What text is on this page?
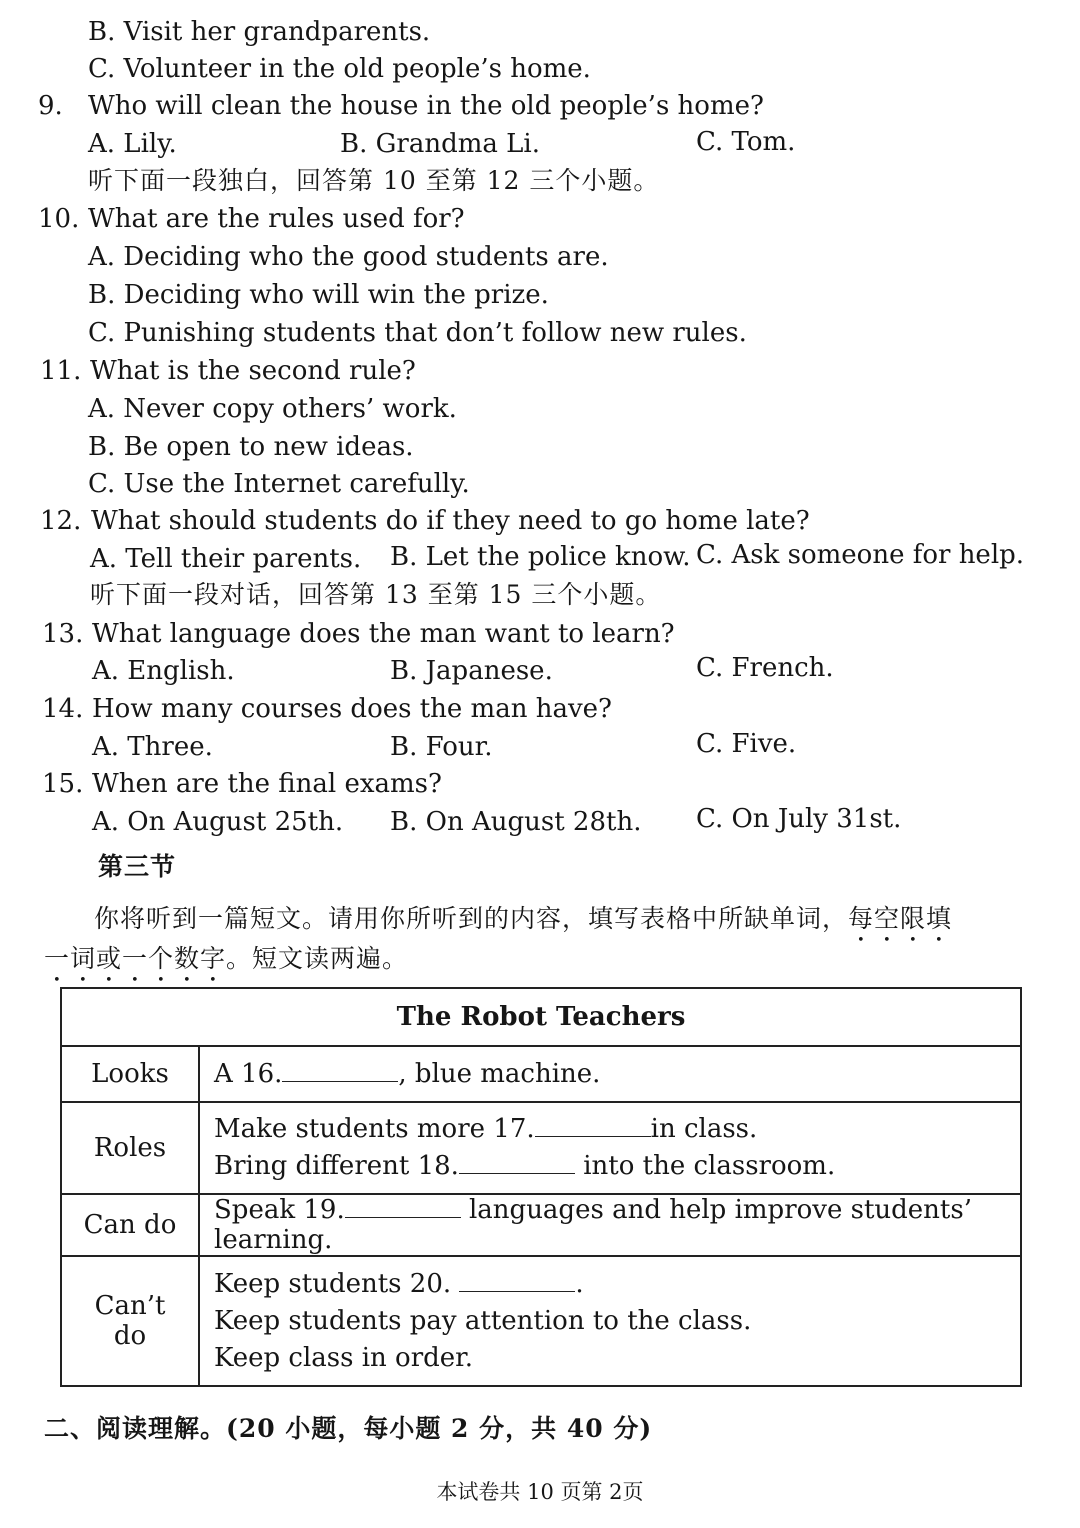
B. Visit her grandparents.
C. Volunteer in the old people’s home.
9. Who will clean the house in the old people’s home?
A. Lily.	B. Grandma Li.	C. Tom.
听下面一段独白，回答第 10 至第 12 三个小题。
10. What are the rules used for?
A. Deciding who the good students are.
B. Deciding who will win the prize.
C. Punishing students that don’t follow new rules.
11. What is the second rule?
A. Never copy others’ work.
B. Be open to new ideas.
C. Use the Internet carefully.
12. What should students do if they need to go home late?
A. Tell their parents. B. Let the police know. C. Ask someone for help.
听下面一段对话，回答第 13 至第 15 三个小题。
13. What language does the man want to learn?
A. English.	B. Japanese.	C. French.
14. How many courses does the man have?
A. Three.	B. Four.	C. Five.
15. When are the final exams?
A. On August 25th. B. On August 28th. C. On July 31st.
第三节
你将听到一篇短文。请用你所听到的内容，填写表格中所缺单词，每空限填
一词或一个数字。短文读两遍。
The Robot Teachers	
Looks	A 16. , blue machine.
Roles	Make students more 17. in class.
Bring different 18. into the classroom.

Can do	Speak 19. languages and help improve students’ learning.
Can’t do	Keep students 20. .
Keep students pay attention to the class.
Keep class in order.
二、阅读理解。(20 小题，每小题 2 分，共 40 分)
本试卷共 10 页第 2页
